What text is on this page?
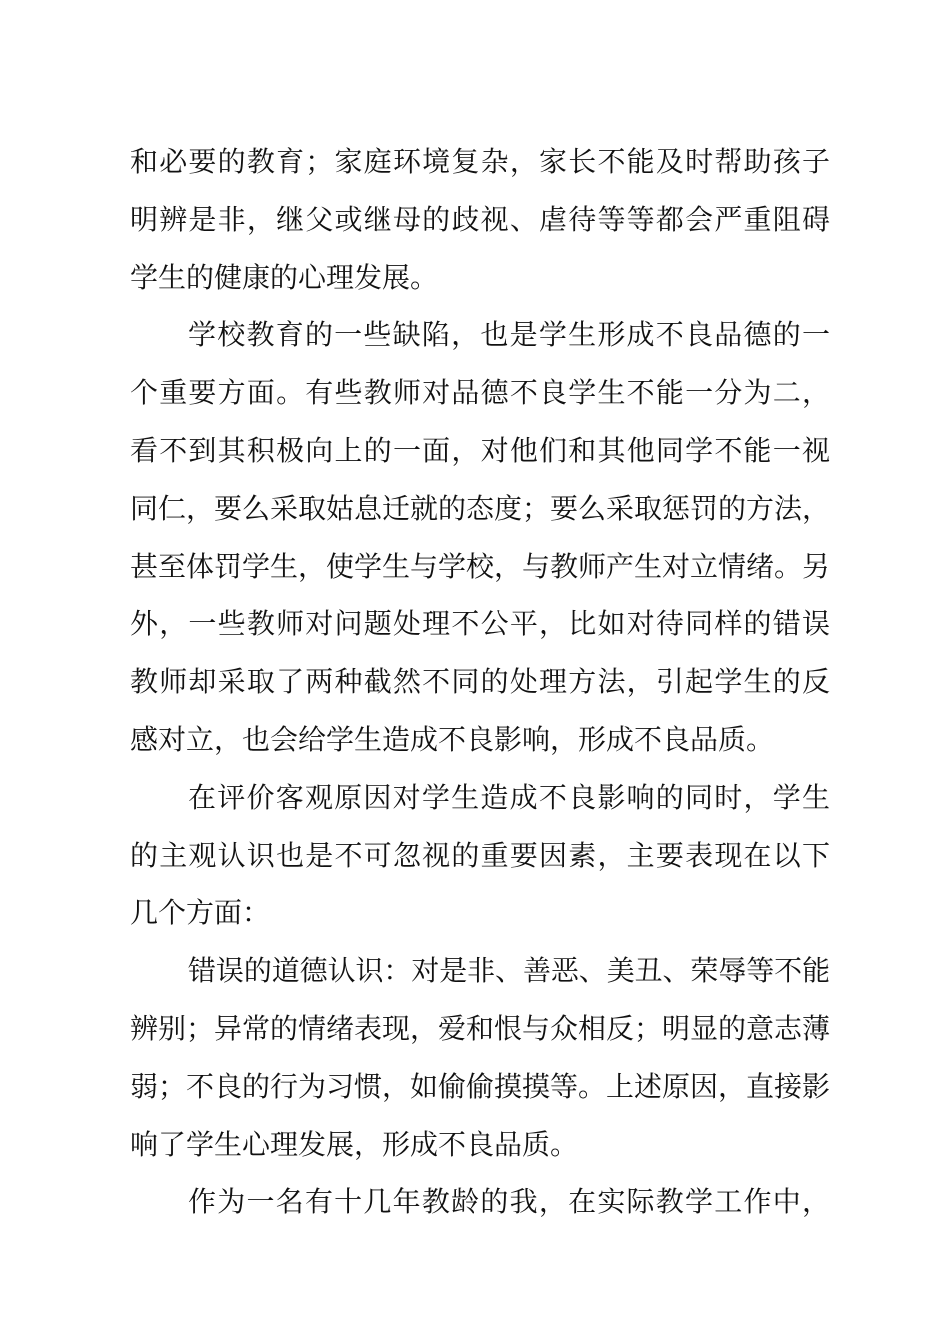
和必要的教育；家庭环境复杂，家长不能及时帮助孩子
明辨是非，继父或继母的歧视、虐待等等都会严重阻碍
学生的健康的心理发展。
学校教育的一些缺陷，也是学生形成不良品德的一
个重要方面。有些教师对品德不良学生不能一分为二，
看不到其积极向上的一面，对他们和其他同学不能一视
同仁，要么采取姑息迁就的态度；要么采取惩罚的方法，
甚至体罚学生，使学生与学校，与教师产生对立情绪。另
外，一些教师对问题处理不公平，比如对待同样的错误
教师却采取了两种截然不同的处理方法，引起学生的反
感对立，也会给学生造成不良影响，形成不良品质。
在评价客观原因对学生造成不良影响的同时，学生
的主观认识也是不可忽视的重要因素，主要表现在以下
几个方面：
错误的道德认识：对是非、善恶、美丑、荣辱等不能
辨别；异常的情绪表现，爱和恨与众相反；明显的意志薄
弱；不良的行为习惯，如偷偷摸摸等。上述原因，直接影
响了学生心理发展，形成不良品质。
作为一名有十几年教龄的我，在实际教学工作中，
